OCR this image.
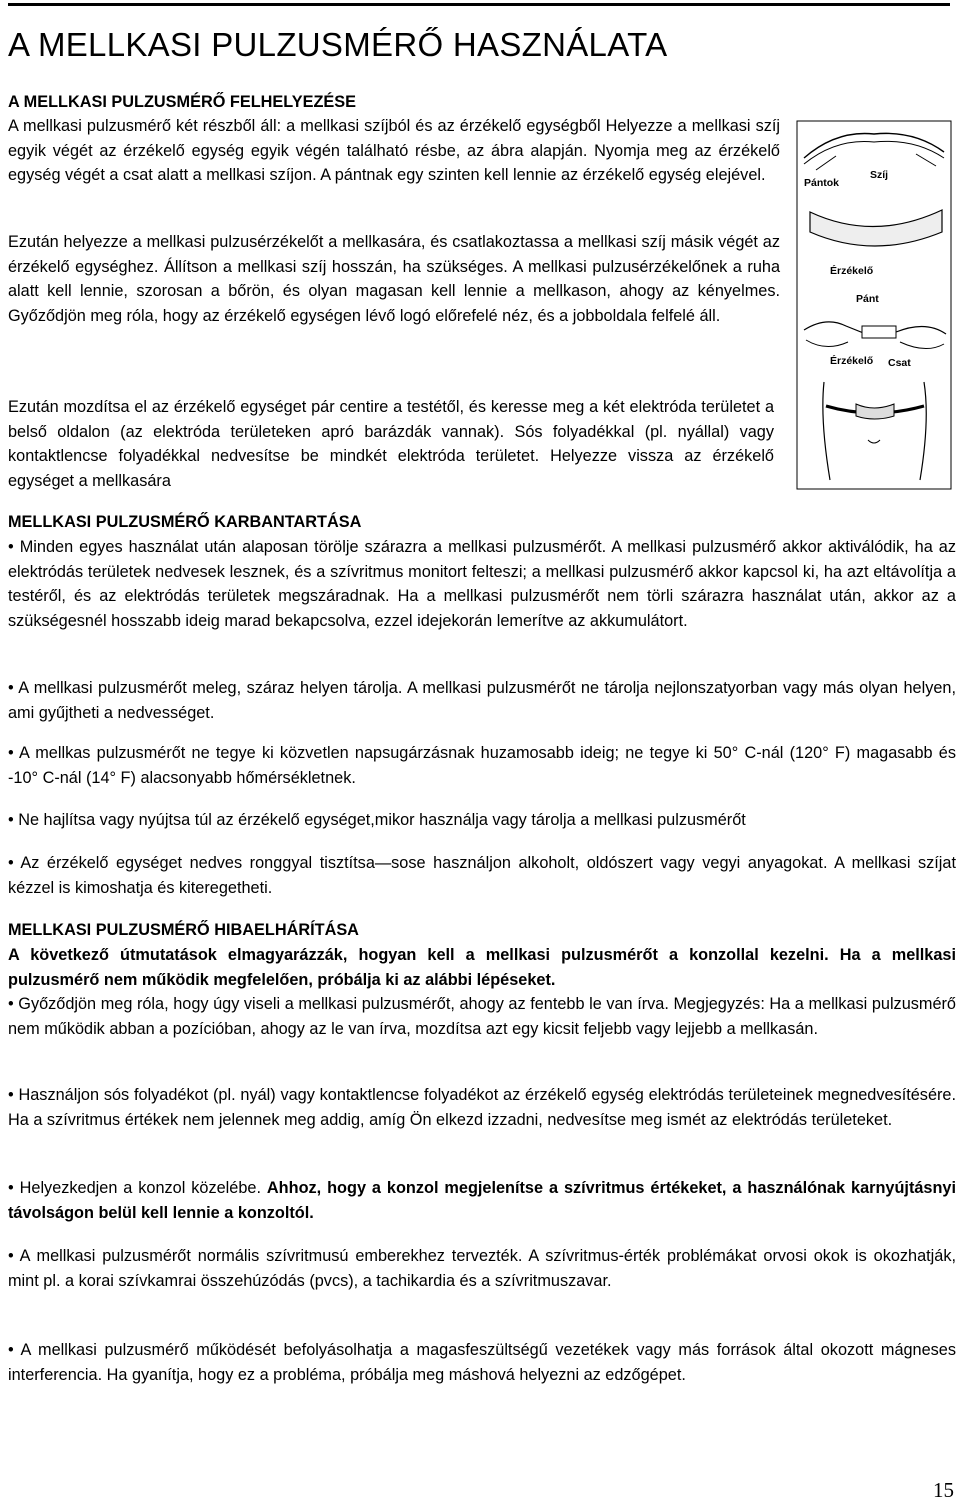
A MELLKASI PULZUSMÉRŐ HASZNÁLATA
A MELLKASI PULZUSMÉRŐ FELHELYEZÉSE

A mellkasi pulzusmérő két részből áll: a mellkasi szíjból és az érzékelő egységből Helyezze a mellkasi szíj egyik végét az érzékelő egység egyik végén található résbe, az ábra alapján. Nyomja meg az érzékelő egység végét a csat alatt a mellkasi szíjon. A pántnak egy szinten kell lennie az érzékelő egység elejével.

Ezután helyezze a mellkasi pulzusérzékelőt a mellkasára, és csatlakoztassa a mellkasi szíj másik végét az érzékelő egységhez. Állítson a mellkasi szíj hosszán, ha szükséges. A mellkasi pulzusérzékelőnek a ruha alatt kell lennie, szorosan a bőrön, és olyan magasan kell lennie a mellkason, ahogy az kényelmes. Győződjön meg róla, hogy az érzékelő egységen lévő logó előrefelé néz, és a jobboldala felfelé áll.

Ezután mozdítsa el az érzékelő egységet pár centire a testétől, és keresse meg a két elektróda területet a belső oldalon (az elektróda területeken apró barázdák vannak). Sós folyadékkal (pl. nyállal) vagy kontaktlencse folyadékkal nedvesítse be mindkét elektróda területet. Helyezze vissza az érzékelő egységet a mellkasára

Pántok
Szíj
Érzékelő
Pánt
Érzékelő Csat
MELLKASI PULZUSMÉRŐ KARBANTARTÁSA

• Minden egyes használat után alaposan törölje szárazra a mellkasi pulzusmérőt. A mellkasi pulzusmérő akkor aktiválódik, ha az elektródás területek nedvesek lesznek, és a szívritmus monitort felteszi; a mellkasi pulzusmérő akkor kapcsol ki, ha azt eltávolítja a testéről, és az elektródás területek megszáradnak. Ha a mellkasi pulzusmérőt nem törli szárazra használat után, akkor az a szükségesnél hosszabb ideig marad bekapcsolva, ezzel idejekorán lemerítve az akkumulátort.

• A mellkasi pulzusmérőt meleg, száraz helyen tárolja. A mellkasi pulzusmérőt ne tárolja nejlonszatyorban vagy más olyan helyen, ami gyűjtheti a nedvességet.

• A mellkas pulzusmérőt ne tegye ki közvetlen napsugárzásnak huzamosabb ideig; ne tegye ki 50° C-nál (120° F) magasabb és -10° C-nál (14° F) alacsonyabb hőmérsékletnek.

• Ne hajlítsa vagy nyújtsa túl az érzékelő egységet,mikor használja vagy tárolja a mellkasi pulzusmérőt

• Az érzékelő egységet nedves ronggyal tisztítsa—sose használjon alkoholt, oldószert vagy vegyi anyagokat. A mellkasi szíjat kézzel is kimoshatja és kiteregetheti.

MELLKASI PULZUSMÉRŐ HIBAELHÁRÍTÁSA

A következő útmutatások elmagyarázzák, hogyan kell a mellkasi pulzusmérőt a konzollal kezelni. Ha a mellkasi pulzusmérő nem működik megfelelően, próbálja ki az alábbi lépéseket.

• Győződjön meg róla, hogy úgy viseli a mellkasi pulzusmérőt, ahogy az fentebb le van írva. Megjegyzés: Ha a mellkasi pulzusmérő nem működik abban a pozícióban, ahogy az le van írva, mozdítsa azt egy kicsit feljebb vagy lejjebb a mellkasán.

• Használjon sós folyadékot (pl. nyál) vagy kontaktlencse folyadékot az érzékelő egység elektródás területeinek megnedvesítésére. Ha a szívritmus értékek nem jelennek meg addig, amíg Ön elkezd izzadni, nedvesítse meg ismét az elektródás területeket.

• Helyezkedjen a konzol közelébe. Ahhoz, hogy a konzol megjelenítse a szívritmus értékeket, a használónak karnyújtásnyi távolságon belül kell lennie a konzoltól.

• A mellkasi pulzusmérőt normális szívritmusú emberekhez tervezték. A szívritmus-érték problémákat orvosi okok is okozhatják, mint pl. a korai szívkamrai összehúzódás (pvcs), a tachikardia és a szívritmuszavar.

• A mellkasi pulzusmérő működését befolyásolhatja a magasfeszültségű vezetékek vagy más források által okozott mágneses interferencia. Ha gyanítja, hogy ez a probléma, próbálja meg máshová helyezni az edzőgépet.

15
